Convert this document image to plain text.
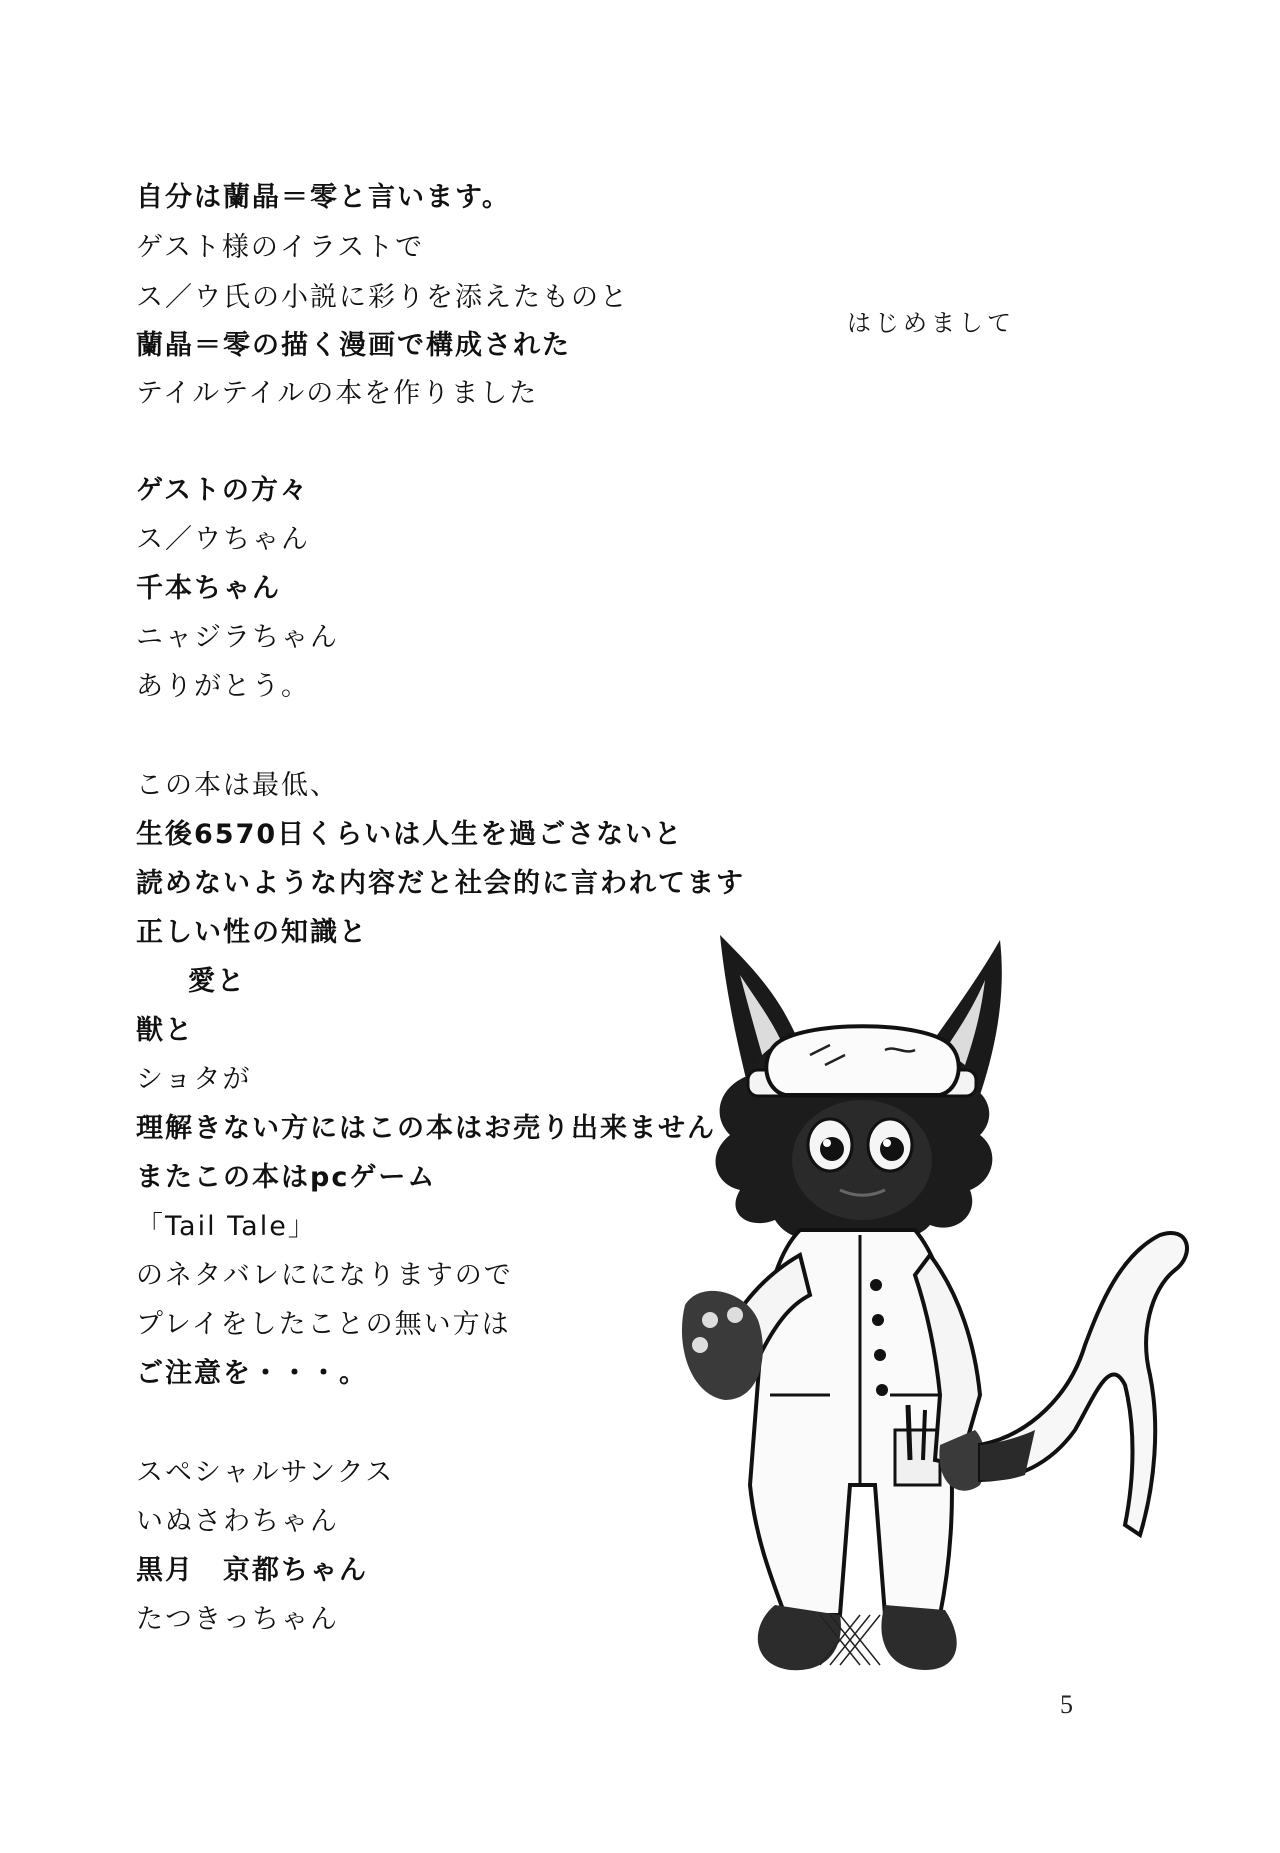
はじめまして
自分は蘭晶＝零と言います。
ゲスト様のイラストで
ス／ウ氏の小説に彩りを添えたものと
蘭晶＝零の描く漫画で構成された
テイルテイルの本を作りました
ゲストの方々
ス／ウちゃん
千本ちゃん
ニャジラちゃん
ありがとう。
この本は最低、
生後6570日くらいは人生を過ごさないと
読めないような内容だと社会的に言われてます
正しい性の知識と
愛と
獣と
ショタが
理解きない方にはこの本はお売り出来ません
またこの本はpcゲーム
「Tail Tale」
のネタバレにになりますので
プレイをしたことの無い方は
ご注意を・・・。
スペシャルサンクス
いぬさわちゃん
黒月　京都ちゃん
たつきっちゃん
5
